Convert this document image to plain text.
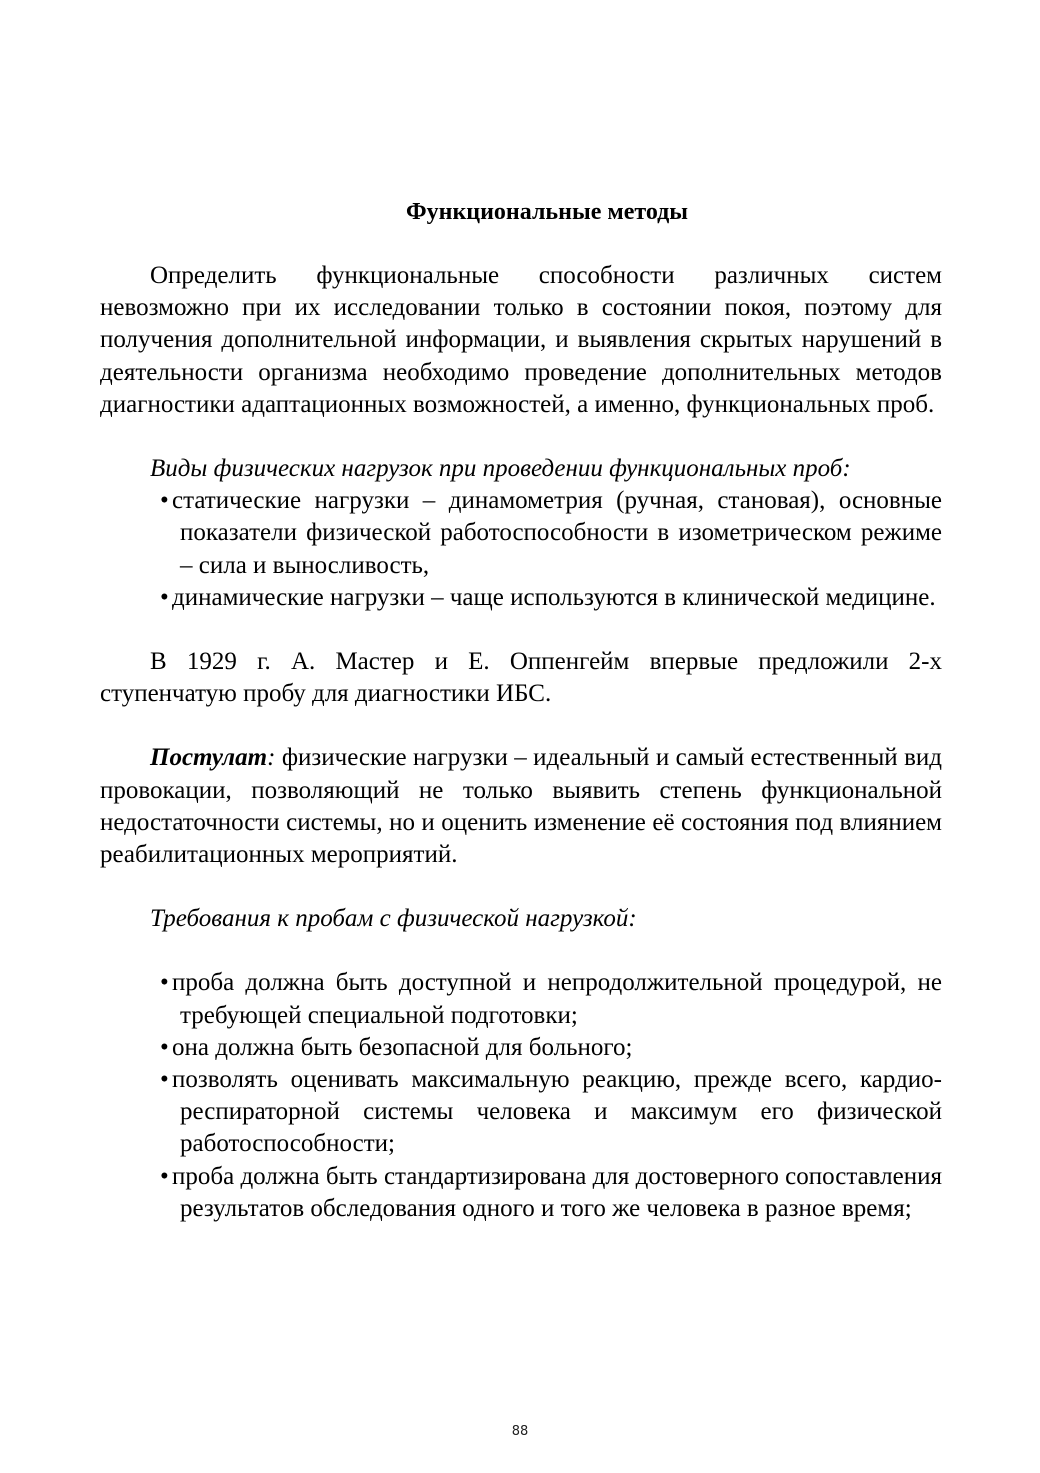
Функциональные методы

Определить функциональные способности различных систем невозможно при их исследовании только в состоянии покоя, поэтому для получения дополнительной информации, и выявления скрытых нарушений в деятельности организма необходимо проведение дополнительных методов диагностики адаптационных возможностей, а именно, функциональных проб.

Виды физических нагрузок при проведении функциональных проб:

• статические нагрузки – динамометрия (ручная, становая), основные показатели физической работоспособности в изометрическом режиме – сила и выносливость,
• динамические нагрузки – чаще используются в клинической медицине.

В 1929 г. А. Мастер и Е. Оппенгейм впервые предложили 2-х ступенчатую пробу для диагностики ИБС.

Постулат: физические нагрузки – идеальный и самый естественный вид провокации, позволяющий не только выявить степень функциональной недостаточности системы, но и оценить изменение её состояния под влиянием реабилитационных мероприятий.

Требования к пробам с физической нагрузкой:

• проба должна быть доступной и непродолжительной процедурой, не требующей специальной подготовки;
• она должна быть безопасной для больного;
• позволять оценивать максимальную реакцию, прежде всего, кардио-респираторной системы человека и максимум его физической работоспособности;
• проба должна быть стандартизирована для достоверного сопоставления результатов обследования одного и того же человека в разное время;
88
